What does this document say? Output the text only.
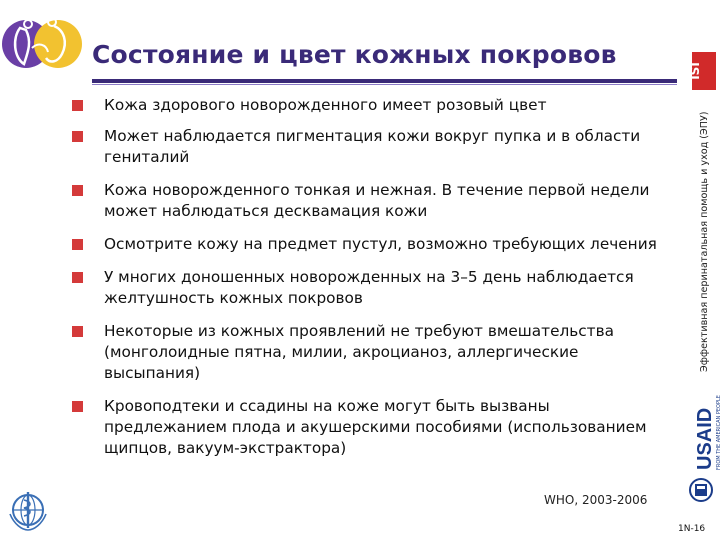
Состояние и цвет кожных покровов
ISI
Эффективная перинатальная помощь и уход (ЭПУ)
Кожа здорового новорожденного имеет розовый цвет
Может наблюдается пигментация кожи вокруг пупка и в области
гениталий
Кожа новорожденного тонкая и нежная. В течение первой недели
может наблюдаться десквамация кожи
Осмотрите кожу на предмет пустул, возможно требующих лечения
У многих доношенных новорожденных на 3–5 день наблюдается
желтушность кожных покровов
Некоторые из кожных проявлений не требуют вмешательства
(монголоидные пятна, милии, акроцианоз, аллергические
высыпания)
Кровоподтеки и ссадины на коже могут быть вызваны
предлежанием плода и акушерскими пособиями (использованием
щипцов, вакуум-экстрактора)	USAID FROM THE AMERICAN PEOPLE
WHO, 2003-2006
1N-16
